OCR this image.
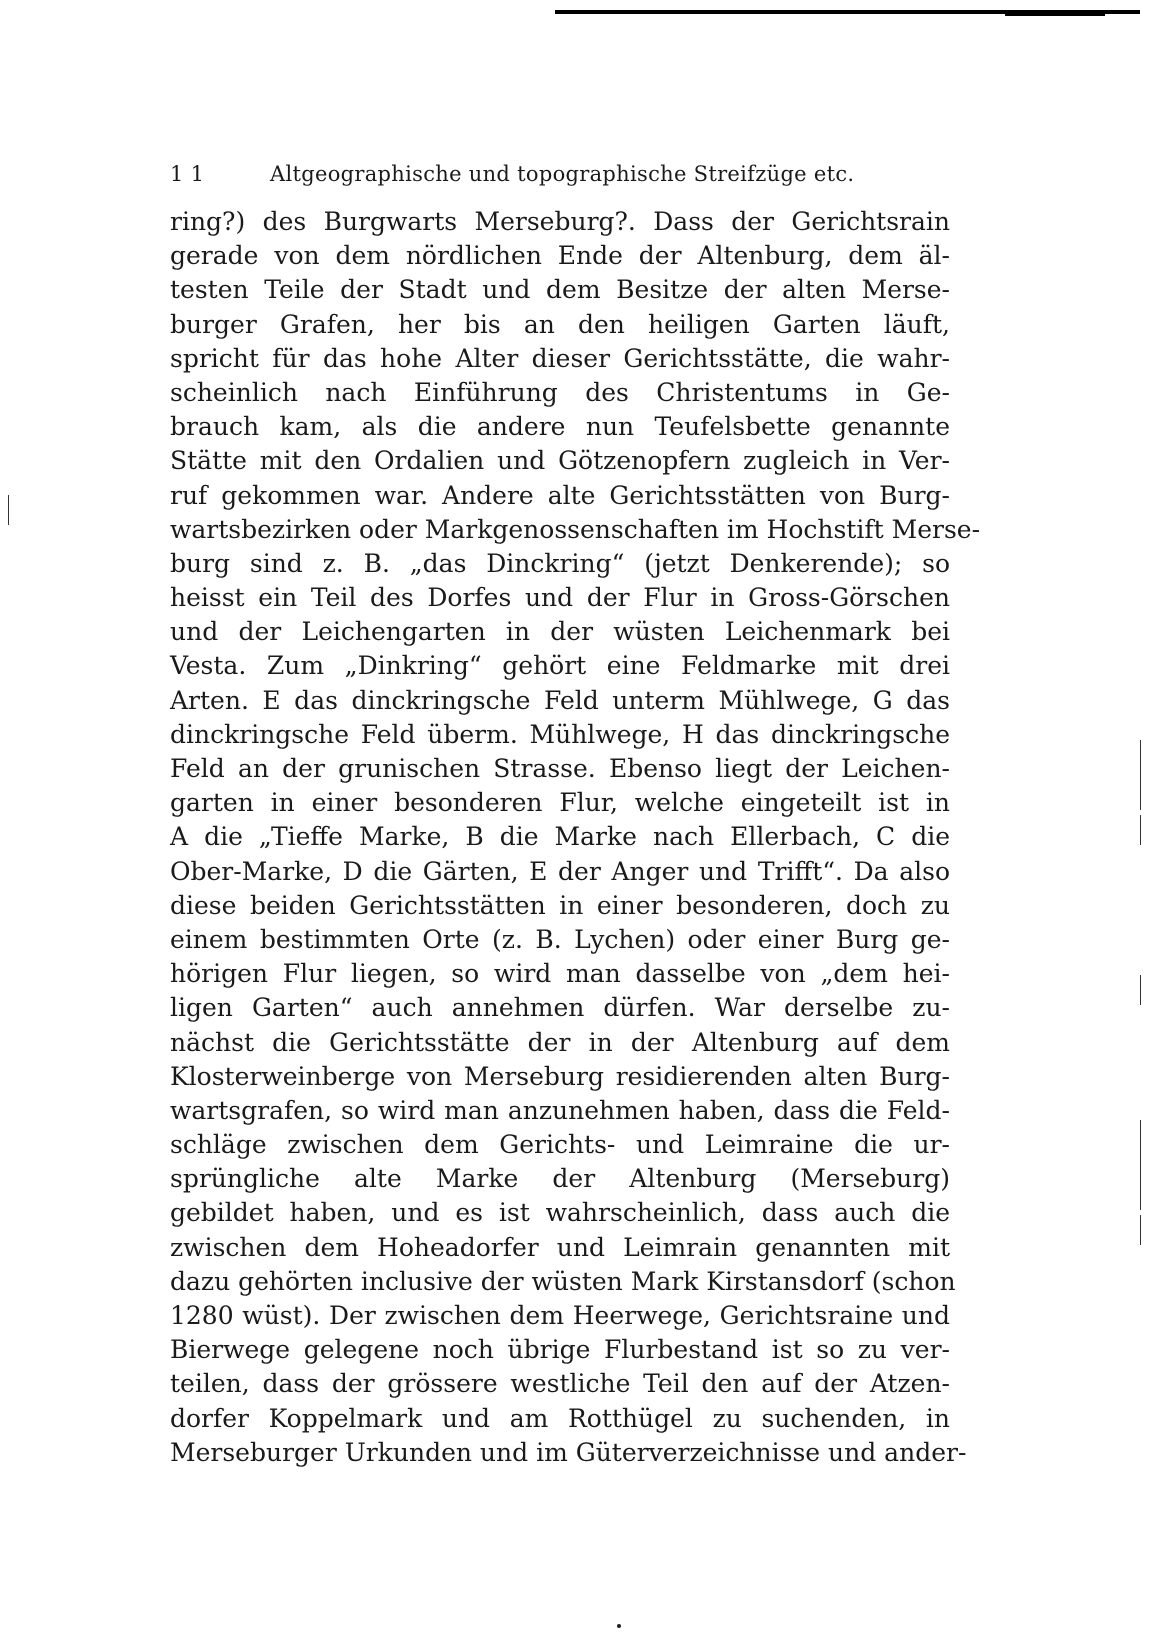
1 1	Altgeographische und topographische Streifzüge etc.
ring?) des Burgwarts Merseburg?. Dass der Gerichtsrain
gerade von dem nördlichen Ende der Altenburg, dem äl-
testen Teile der Stadt und dem Besitze der alten Merse-
burger Grafen, her bis an den heiligen Garten läuft,
spricht für das hohe Alter dieser Gerichtsstätte, die wahr-
scheinlich nach Einführung des Christentums in Ge-
brauch kam, als die andere nun Teufelsbette genannte
Stätte mit den Ordalien und Götzenopfern zugleich in Ver-
ruf gekommen war. Andere alte Gerichtsstätten von Burg-
wartsbezirken oder Markgenossenschaften im Hochstift Merse-
burg sind z. B. „das Dinckring“ (jetzt Denkerende); so
heisst ein Teil des Dorfes und der Flur in Gross-Görschen
und der Leichengarten in der wüsten Leichenmark bei
Vesta. Zum „Dinkring“ gehört eine Feldmarke mit drei
Arten. E das dinckringsche Feld unterm Mühlwege, G das
dinckringsche Feld überm. Mühlwege, H das dinckringsche
Feld an der grunischen Strasse. Ebenso liegt der Leichen-
garten in einer besonderen Flur, welche eingeteilt ist in
A die „Tieffe Marke, B die Marke nach Ellerbach, C die
Ober-Marke, D die Gärten, E der Anger und Trifft“. Da also
diese beiden Gerichtsstätten in einer besonderen, doch zu
einem bestimmten Orte (z. B. Lychen) oder einer Burg ge-
hörigen Flur liegen, so wird man dasselbe von „dem hei-
ligen Garten“ auch annehmen dürfen. War derselbe zu-
nächst die Gerichtsstätte der in der Altenburg auf dem
Klosterweinberge von Merseburg residierenden alten Burg-
wartsgrafen, so wird man anzunehmen haben, dass die Feld-
schläge zwischen dem Gerichts- und Leimraine die ur-
sprüngliche alte Marke der Altenburg (Merseburg)
gebildet haben, und es ist wahrscheinlich, dass auch die
zwischen dem Hoheadorfer und Leimrain genannten mit
dazu gehörten inclusive der wüsten Mark Kirstansdorf (schon
1280 wüst). Der zwischen dem Heerwege, Gerichtsraine und
Bierwege gelegene noch übrige Flurbestand ist so zu ver-
teilen, dass der grössere westliche Teil den auf der Atzen-
dorfer Koppelmark und am Rotthügel zu suchenden, in
Merseburger Urkunden und im Güterverzeichnisse und ander-
